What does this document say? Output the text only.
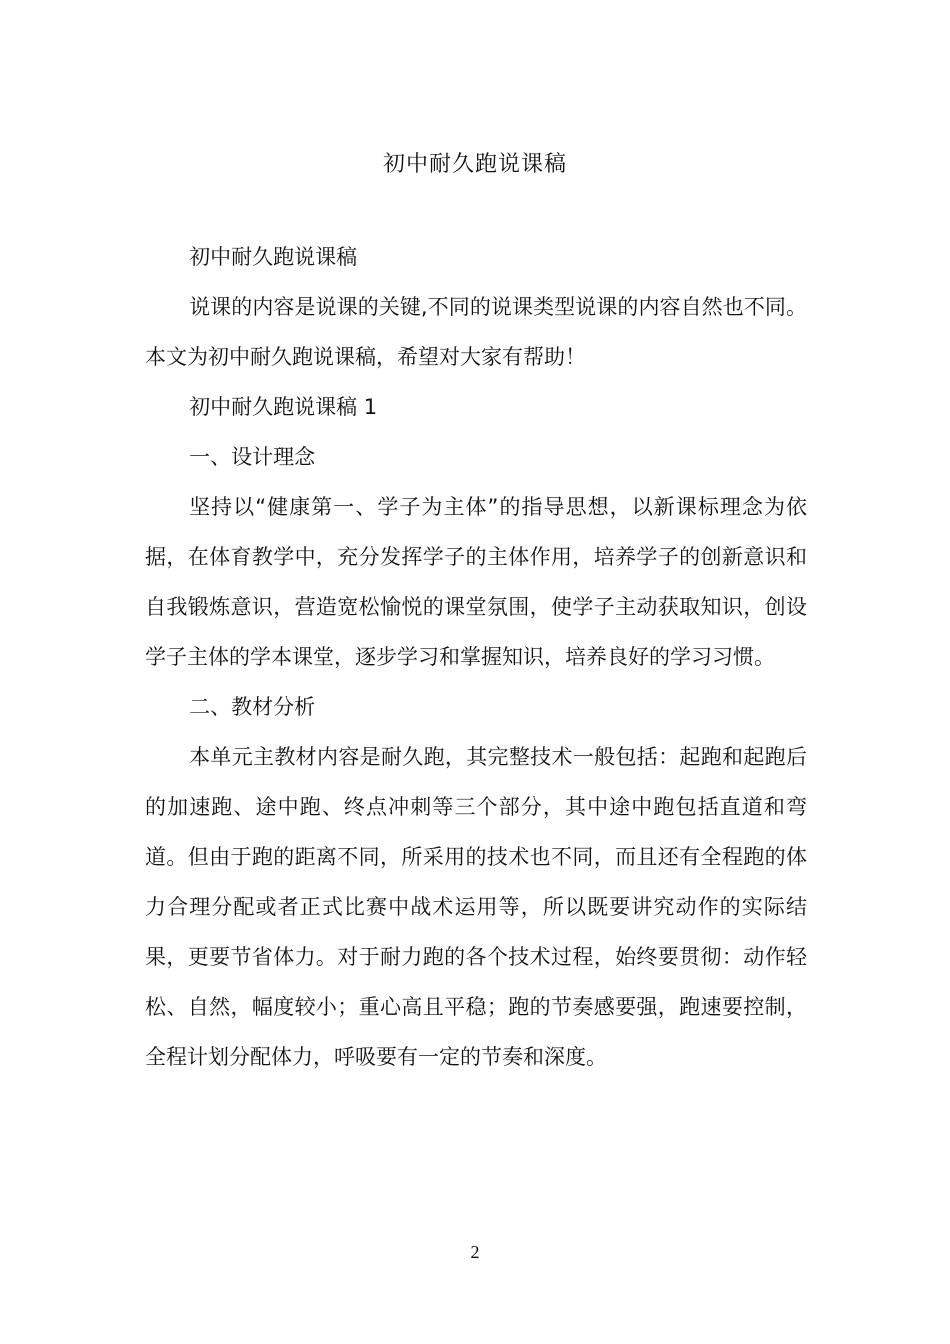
初中耐久跑说课稿

初中耐久跑说课稿

说课的内容是说课的关键,不同的说课类型说课的内容自然也不同。本文为初中耐久跑说课稿，希望对大家有帮助！

初中耐久跑说课稿 1

一、设计理念

坚持以“健康第一、学子为主体”的指导思想，以新课标理念为依据，在体育教学中，充分发挥学子的主体作用，培养学子的创新意识和自我锻炼意识，营造宽松愉悦的课堂氛围，使学子主动获取知识，创设学子主体的学本课堂，逐步学习和掌握知识，培养良好的学习习惯。

二、教材分析

本单元主教材内容是耐久跑，其完整技术一般包括：起跑和起跑后的加速跑、途中跑、终点冲刺等三个部分，其中途中跑包括直道和弯道。但由于跑的距离不同，所采用的技术也不同，而且还有全程跑的体力合理分配或者正式比赛中战术运用等，所以既要讲究动作的实际结果，更要节省体力。对于耐力跑的各个技术过程，始终要贯彻：动作轻松、自然，幅度较小；重心高且平稳；跑的节奏感要强，跑速要控制，全程计划分配体力，呼吸要有一定的节奏和深度。

2
